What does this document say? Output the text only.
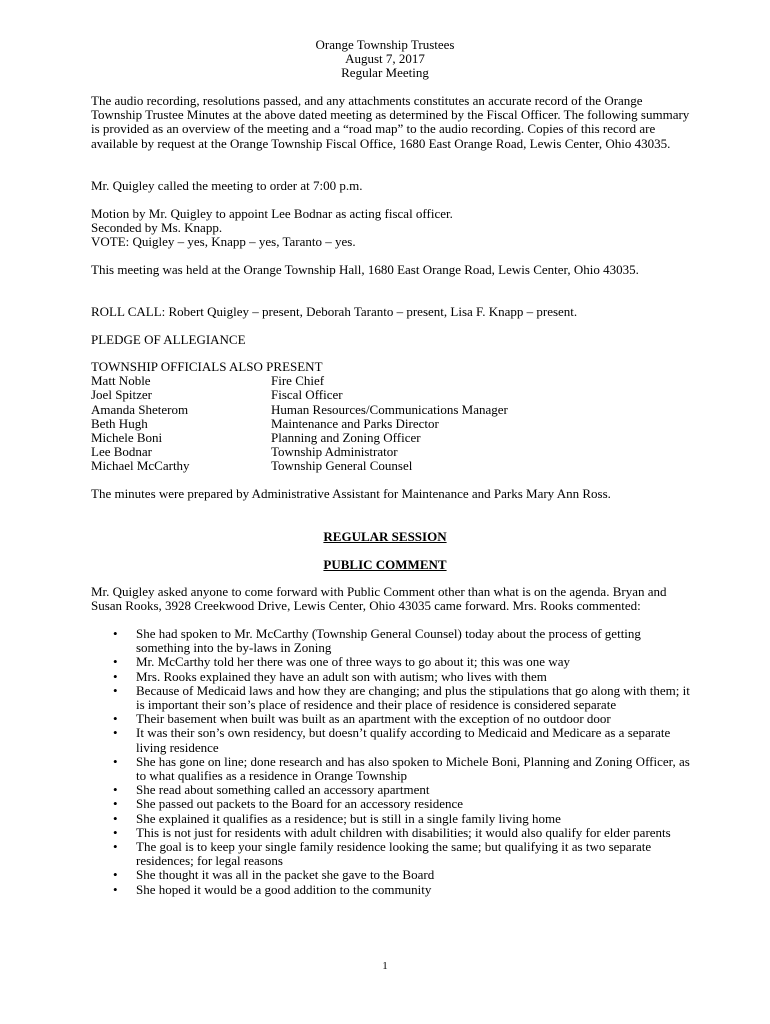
Orange Township Trustees
August 7, 2017
Regular Meeting
The audio recording, resolutions passed, and any attachments constitutes an accurate record of the Orange Township Trustee Minutes at the above dated meeting as determined by the Fiscal Officer. The following summary is provided as an overview of the meeting and a “road map” to the audio recording. Copies of this record are available by request at the Orange Township Fiscal Office, 1680 East Orange Road, Lewis Center, Ohio 43035.
Mr. Quigley called the meeting to order at 7:00 p.m.
Motion by Mr. Quigley to appoint Lee Bodnar as acting fiscal officer.
Seconded by Ms. Knapp.
VOTE: Quigley – yes, Knapp – yes, Taranto – yes.
This meeting was held at the Orange Township Hall, 1680 East Orange Road, Lewis Center, Ohio 43035.
ROLL CALL: Robert Quigley – present, Deborah Taranto – present, Lisa F. Knapp – present.
PLEDGE OF ALLEGIANCE
TOWNSHIP OFFICIALS ALSO PRESENT
Matt Noble	Fire Chief
Joel Spitzer	Fiscal Officer
Amanda Sheterom	Human Resources/Communications Manager
Beth Hugh	Maintenance and Parks Director
Michele Boni	Planning and Zoning Officer
Lee Bodnar	Township Administrator
Michael McCarthy	Township General Counsel
The minutes were prepared by Administrative Assistant for Maintenance and Parks Mary Ann Ross.
REGULAR SESSION
PUBLIC COMMENT
Mr. Quigley asked anyone to come forward with Public Comment other than what is on the agenda. Bryan and Susan Rooks, 3928 Creekwood Drive, Lewis Center, Ohio 43035 came forward. Mrs. Rooks commented:
• She had spoken to Mr. McCarthy (Township General Counsel) today about the process of getting something into the by-laws in Zoning
• Mr. McCarthy told her there was one of three ways to go about it; this was one way
• Mrs. Rooks explained they have an adult son with autism; who lives with them
• Because of Medicaid laws and how they are changing; and plus the stipulations that go along with them; it is important their son’s place of residence and their place of residence is considered separate
• Their basement when built was built as an apartment with the exception of no outdoor door
• It was their son’s own residency, but doesn’t qualify according to Medicaid and Medicare as a separate living residence
• She has gone on line; done research and has also spoken to Michele Boni, Planning and Zoning Officer, as to what qualifies as a residence in Orange Township
• She read about something called an accessory apartment
• She passed out packets to the Board for an accessory residence
• She explained it qualifies as a residence; but is still in a single family living home
• This is not just for residents with adult children with disabilities; it would also qualify for elder parents
• The goal is to keep your single family residence looking the same; but qualifying it as two separate residences; for legal reasons
• She thought it was all in the packet she gave to the Board
• She hoped it would be a good addition to the community
1
